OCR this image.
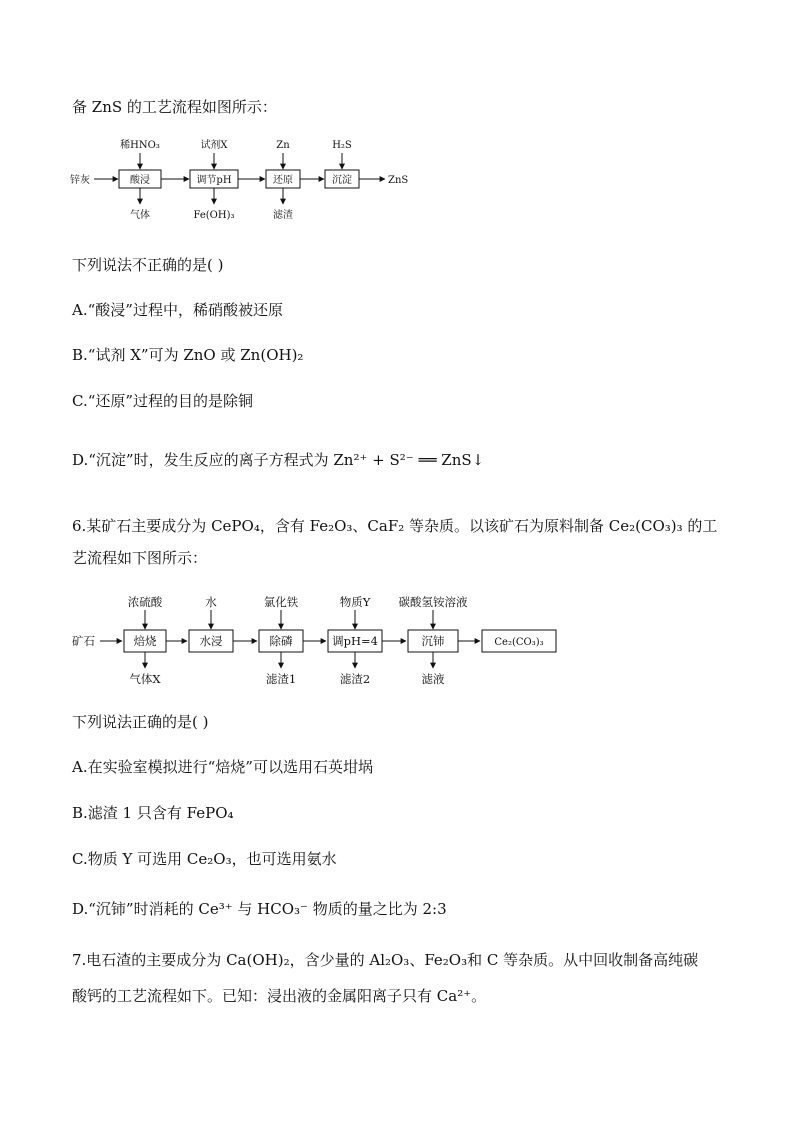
备 ZnS 的工艺流程如图所示：
锌灰	酸浸
稀HNO₃
气体
调节pH
试剂X
Fe(OH)₃
还原
Zn
滤渣
沉淀
H₂S
ZnS
下列说法不正确的是( )
A.“酸浸”过程中，稀硝酸被还原
B.“试剂 X”可为 ZnO 或 Zn(OH)₂
C.“还原”过程的目的是除铜
D.“沉淀”时，发生反应的离子方程式为 Zn²⁺ + S²⁻ ══ ZnS↓
6.某矿石主要成分为 CePO₄，含有 Fe₂O₃、CaF₂ 等杂质。以该矿石为原料制备 Ce₂(CO₃)₃ 的工
艺流程如下图所示：
矿石	焙烧
浓硫酸
气体X
水浸
水
除磷
氯化铁
滤渣1
调pH=4
物质Y
滤渣2
沉铈
碳酸氢铵溶液
滤液
Ce₂(CO₃)₃
下列说法正确的是( )
A.在实验室模拟进行“焙烧”可以选用石英坩埚
B.滤渣 1 只含有 FePO₄
C.物质 Y 可选用 Ce₂O₃，也可选用氨水
D.“沉铈”时消耗的 Ce³⁺ 与 HCO₃⁻ 物质的量之比为 2:3
7.电石渣的主要成分为 Ca(OH)₂，含少量的 Al₂O₃、Fe₂O₃和 C 等杂质。从中回收制备高纯碳
酸钙的工艺流程如下。已知：浸出液的金属阳离子只有 Ca²⁺。
